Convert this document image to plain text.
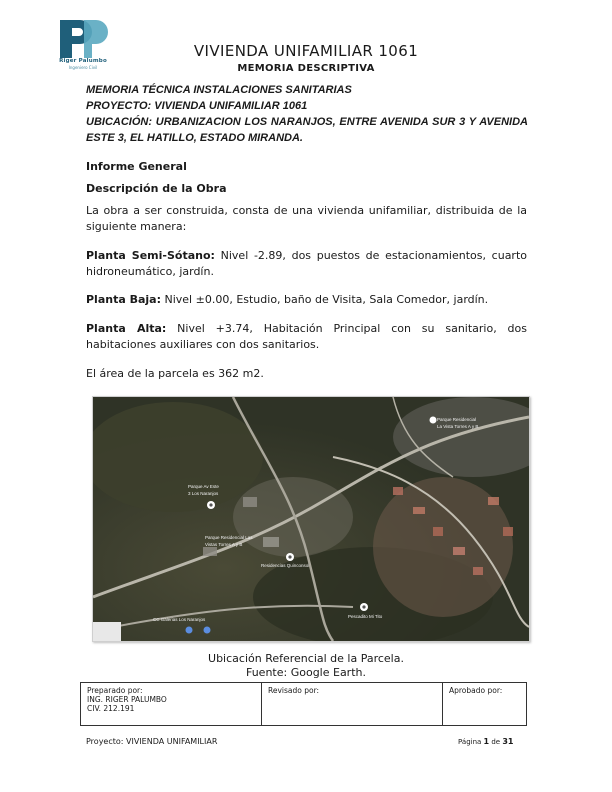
Riger Palumbo
Ingeniero Civil
VIVIENDA UNIFAMILIAR 1061
MEMORIA DESCRIPTIVA

MEMORIA TÉCNICA INSTALACIONES SANITARIAS

PROYECTO: VIVIENDA UNIFAMILIAR 1061

UBICACIÓN: URBANIZACION LOS NARANJOS, ENTRE AVENIDA SUR 3 Y AVENIDA ESTE 3, EL HATILLO, ESTADO MIRANDA.

Informe General
Descripción de la Obra
La obra a ser construida, consta de una vivienda unifamiliar, distribuida de la siguiente manera:
Planta Semi-Sótano: Nivel -2.89, dos puestos de estacionamientos, cuarto hidroneumático, jardín.
Planta Baja: Nivel ±0.00, Estudio, baño de Visita, Sala Comedor, jardín.
Planta Alta: Nivel +3.74, Habitación Principal con su sanitario, dos habitaciones auxiliares con dos sanitarios.
El área de la parcela es 362 m2.
Parque Residencial
La Vista Torres A y B
Parque Av Este
3 Los Naranjos
Parque Residencial Las
Vistas Torres A y B
Residencias Quinconsol
Pescadito Mi Tito
CC Galerias Los Naranjos
Ubicación Referencial de la Parcela.
Fuente: Google Earth.
Preparado por:
ING. RIGER PALUMBO
CIV. 212.191

Revisado por:	Aprobado por:
Proyecto: VIVIENDA UNIFAMILIAR	Página 1 de 31
